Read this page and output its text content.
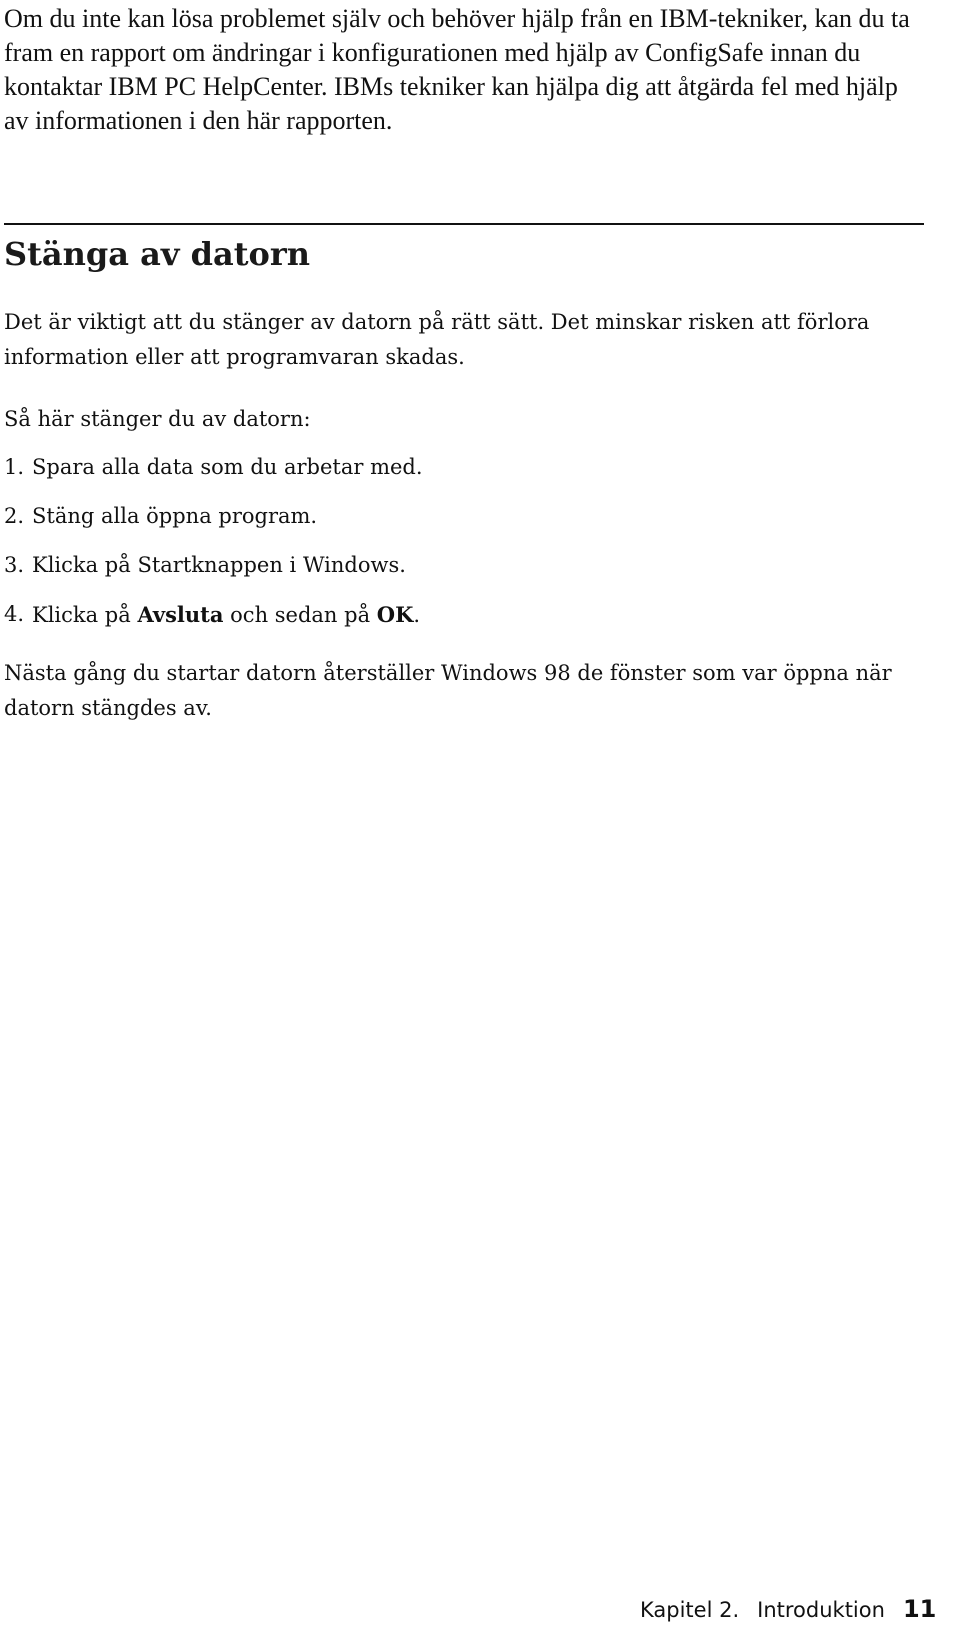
Om du inte kan lösa problemet själv och behöver hjälp från en IBM-tekniker, kan du ta fram en rapport om ändringar i konfigurationen med hjälp av ConfigSafe innan du kontaktar IBM PC HelpCenter. IBMs tekniker kan hjälpa dig att åtgärda fel med hjälp av informationen i den här rapporten.

Stänga av datorn

Det är viktigt att du stänger av datorn på rätt sätt. Det minskar risken att förlora information eller att programvaran skadas.

Så här stänger du av datorn:

1. Spara alla data som du arbetar med.
2. Stäng alla öppna program.
3. Klicka på Startknappen i Windows.
4. Klicka på Avsluta och sedan på OK.

Nästa gång du startar datorn återställer Windows 98 de fönster som var öppna när datorn stängdes av.

Kapitel 2. Introduktion 11
